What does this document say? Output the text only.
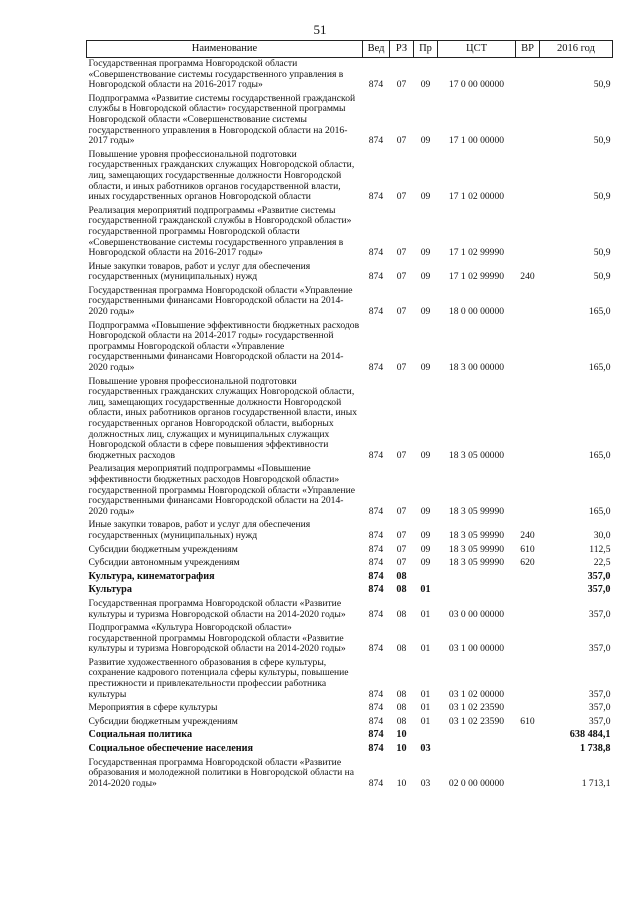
51
Наименование	Вед	РЗ	Пр	ЦСТ	ВР	2016 год
Государственная программа Новгородской области «Совершенствование системы государственного управления в Новгородской области на 2016-2017 годы»	874	07	09	17 0 00 00000		50,9
Подпрограмма «Развитие системы государственной гражданской службы в Новгородской области» государственной программы Новгородской области «Совершенствование системы государственного управления в Новгородской области на 2016-2017 годы»	874	07	09	17 1 00 00000		50,9
Повышение уровня профессиональной подготовки государственных гражданских служащих Новгородской области, лиц, замещающих государственные должности Новгородской области, и иных работников органов государственной власти, иных государственных органов Новгородской области	874	07	09	17 1 02 00000		50,9
Реализация мероприятий подпрограммы «Развитие системы государственной гражданской службы в Новгородской области» государственной программы Новгородской области «Совершенствование системы государственного управления в Новгородской области на 2016-2017 годы»	874	07	09	17 1 02 99990		50,9
Иные закупки товаров, работ и услуг для обеспечения государственных (муниципальных) нужд	874	07	09	17 1 02 99990	240	50,9
Государственная программа Новгородской области «Управление государственными финансами Новгородской области на 2014-2020 годы»	874	07	09	18 0 00 00000		165,0
Подпрограмма «Повышение эффективности бюджетных расходов Новгородской области на 2014-2017 годы» государственной программы Новгородской области «Управление государственными финансами Новгородской области на 2014-2020 годы»	874	07	09	18 3 00 00000		165,0
Повышение уровня профессиональной подготовки государственных гражданских служащих Новгородской области, лиц, замещающих государственные должности Новгородской области, иных работников органов государственной власти, иных государственных органов Новгородской области, выборных должностных лиц, служащих и муниципальных служащих Новгородской области в сфере повышения эффективности бюджетных расходов	874	07	09	18 3 05 00000		165,0
Реализация мероприятий подпрограммы «Повышение эффективности бюджетных расходов Новгородской области» государственной программы Новгородской области «Управление государственными финансами Новгородской области на 2014-2020 годы»	874	07	09	18 3 05 99990		165,0
Иные закупки товаров, работ и услуг для обеспечения государственных (муниципальных) нужд	874	07	09	18 3 05 99990	240	30,0
Субсидии бюджетным учреждениям	874	07	09	18 3 05 99990	610	112,5
Субсидии автономным учреждениям	874	07	09	18 3 05 99990	620	22,5
Культура, кинематография	874	08				357,0
Культура	874	08	01			357,0
Государственная программа Новгородской области «Развитие культуры и туризма Новгородской области на 2014-2020 годы»	874	08	01	03 0 00 00000		357,0
Подпрограмма «Культура Новгородской области» государственной программы Новгородской области «Развитие культуры и туризма Новгородской области на 2014-2020 годы»	874	08	01	03 1 00 00000		357,0
Развитие художественного образования в сфере культуры, сохранение кадрового потенциала сферы культуры, повышение престижности и привлекательности профессии работника культуры	874	08	01	03 1 02 00000		357,0
Мероприятия в сфере культуры	874	08	01	03 1 02 23590		357,0
Субсидии бюджетным учреждениям	874	08	01	03 1 02 23590	610	357,0
Социальная политика	874	10				638 484,1
Социальное обеспечение населения	874	10	03			1 738,8
Государственная программа Новгородской области «Развитие образования и молодежной политики в Новгородской области на 2014-2020 годы»	874	10	03	02 0 00 00000		1 713,1
